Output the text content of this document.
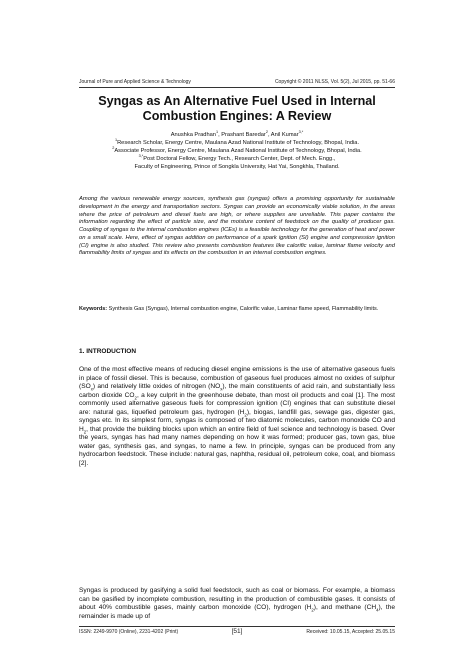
Journal of Pure and Applied Science & Technology	Copyright © 2011 NLSS, Vol. 5(2), Jul 2015, pp. 51-66
Syngas as An Alternative Fuel Used in Internal
Combustion Engines: A Review
Anushka Pradhan$^1$, Prashant Baredar$^2$, Anil Kumar$^{3,*}$
$^1$Research Scholar, Energy Centre, Maulana Azad National Institute of Technology, Bhopal, India.
$^2$Associate Professor, Energy Centre, Maulana Azad National Institute of Technology, Bhopal, India.
$^{3,*}$Post Doctoral Fellow, Energy Tech., Research Center, Dept. of Mech. Engg.,
Faculty of Engineering, Prince of Songkla University, Hat Yai, Songkhla, Thailand.
Among the various renewable energy sources, synthesis gas (syngas) offers a promising opportunity for sustainable development in the energy and transportation sectors. Syngas can provide an economically viable solution, in the areas where the price of petroleum and diesel fuels are high, or where supplies are unreliable. This paper contains the information regarding the effect of particle size, and the moisture content of feedstock on the quality of producer gas. Coupling of syngas to the internal combustion engines (ICEs) is a feasible technology for the generation of heat and power on a small scale. Here, effect of syngas addition on performance of a spark ignition (SI) engine and compression ignition (CI) engine is also studied. This review also presents combustion features like calorific value, laminar flame velocity and flammability limits of syngas and its effects on the combustion in an internal combustion engines.
Keywords: Synthesis Gas (Syngas), Internal combustion engine, Calorific value, Laminar flame speed, Flammability limits.
1. INTRODUCTION
One of the most effective means of reducing diesel engine emissions is the use of alternative gaseous fuels in place of fossil diesel. This is because, combustion of gaseous fuel produces almost no oxides of sulphur $(SO_x)$ and relatively little oxides of nitrogen $(NO_x)$, the main constituents of acid rain, and substantially less carbon dioxide $CO_2$, a key culprit in the greenhouse debate, than most oil products and coal [1]. The most commonly used alternative gaseous fuels for compression ignition (CI) engines that can substitute diesel are: natural gas, liquefied petroleum gas, hydrogen $(H_2)$, biogas, landfill gas, sewage gas, digester gas, syngas etc. In its simplest form, syngas is composed of two diatomic molecules, carbon monoxide CO and $H_2$, that provide the building blocks upon which an entire field of fuel science and technology is based. Over the years, syngas has had many names depending on how it was formed; producer gas, town gas, blue water gas, synthesis gas, and syngas, to name a few. In principle, syngas can be produced from any hydrocarbon feedstock. These include: natural gas, naphtha, residual oil, petroleum coke, coal, and biomass [2].
Syngas is produced by gasifying a solid fuel feedstock, such as coal or biomass. For example, a biomass can be gasified by incomplete combustion, resulting in the production of combustible gases. It consists of about 40% combustible gases, mainly carbon monoxide (CO), hydrogen $(H_2)$, and methane $(CH_4)$, the remainder is made up of
ISSN: 2249-9970 (Online), 2231-4202 (Print)	[51]	Received: 10.05.15, Accepted: 25.05.15
